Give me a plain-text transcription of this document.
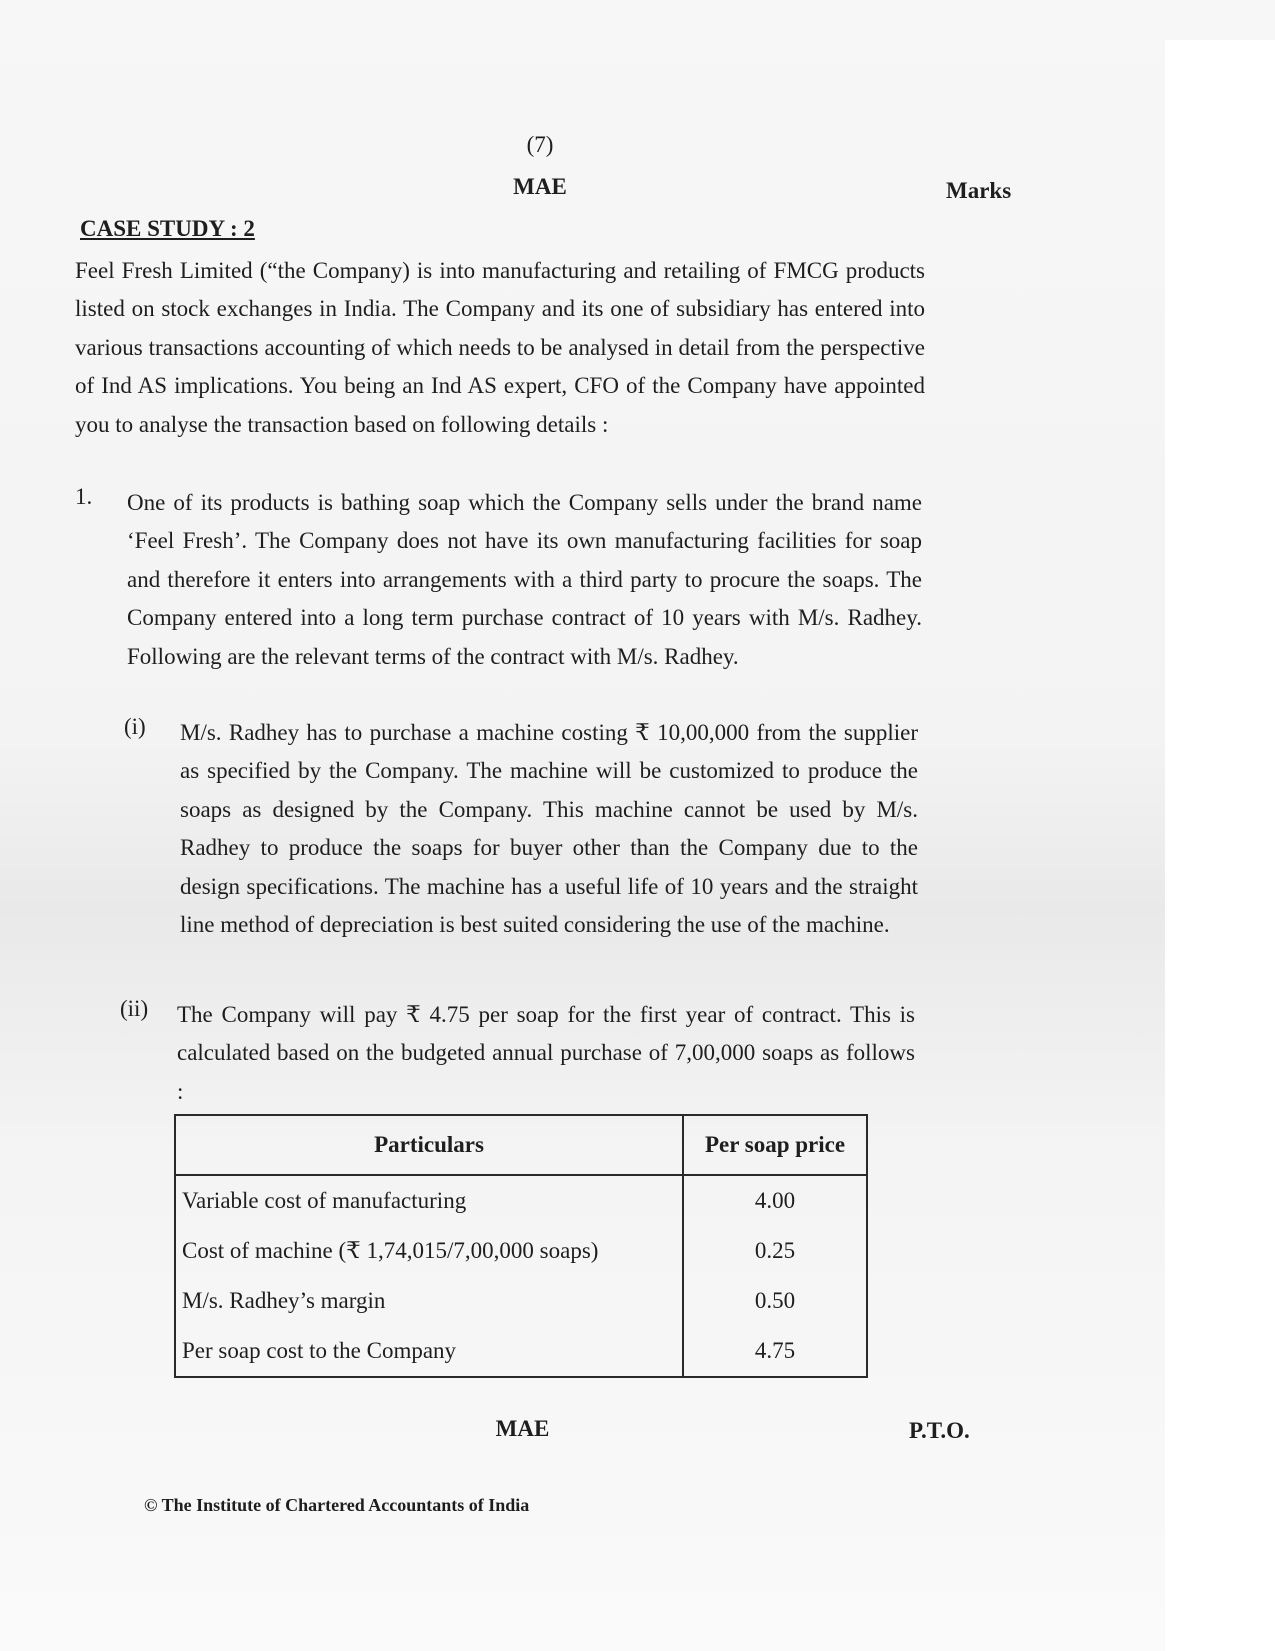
(7)
MAE	Marks
CASE STUDY : 2

Feel Fresh Limited (“the Company) is into manufacturing and retailing of FMCG products listed on stock exchanges in India. The Company and its one of subsidiary has entered into various transactions accounting of which needs to be analysed in detail from the perspective of Ind AS implications. You being an Ind AS expert, CFO of the Company have appointed you to analyse the transaction based on following details :

1. One of its products is bathing soap which the Company sells under the brand name ‘Feel Fresh’. The Company does not have its own manufacturing facilities for soap and therefore it enters into arrangements with a third party to procure the soaps. The Company entered into a long term purchase contract of 10 years with M/s. Radhey. Following are the relevant terms of the contract with M/s. Radhey.

(i) M/s. Radhey has to purchase a machine costing ₹ 10,00,000 from the supplier as specified by the Company. The machine will be customized to produce the soaps as designed by the Company. This machine cannot be used by M/s. Radhey to produce the soaps for buyer other than the Company due to the design specifications. The machine has a useful life of 10 years and the straight line method of depreciation is best suited considering the use of the machine.

(ii) The Company will pay ₹ 4.75 per soap for the first year of contract. This is calculated based on the budgeted annual purchase of 7,00,000 soaps as follows :

Particulars	Per soap price
Variable cost of manufacturing	4.00
Cost of machine (₹ 1,74,015/7,00,000 soaps)	0.25
M/s. Radhey’s margin	0.50
Per soap cost to the Company	4.75
MAE	P.T.O.
© The Institute of Chartered Accountants of India
